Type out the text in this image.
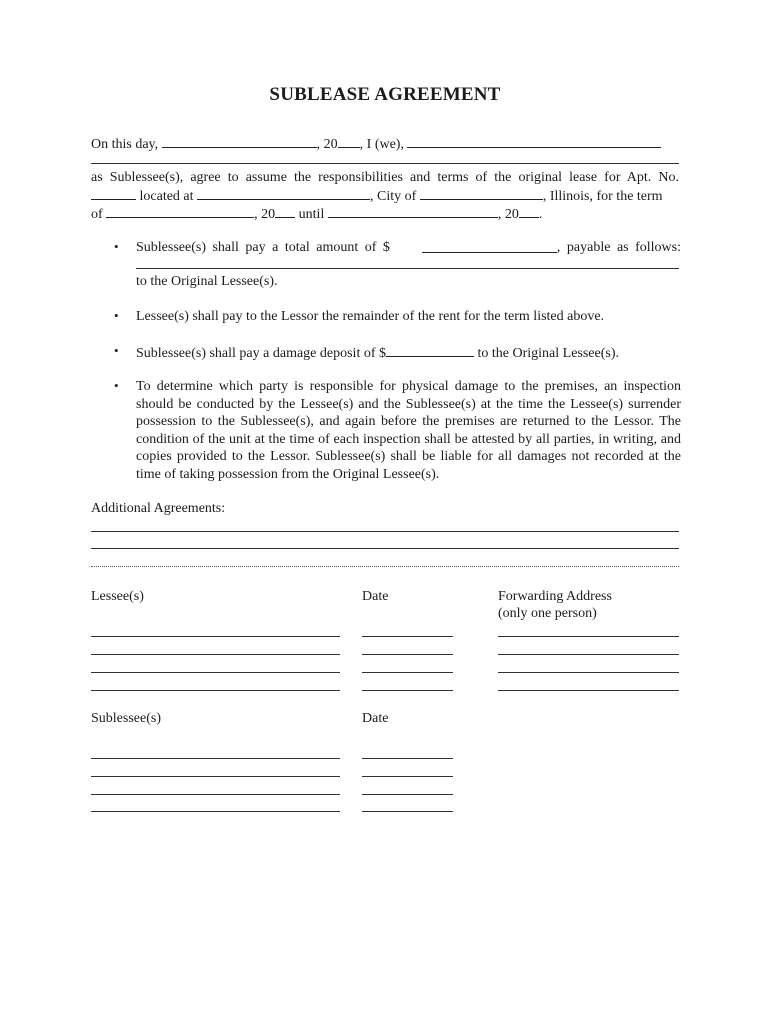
SUBLEASE AGREEMENT
On this day,	, 20 , I (we),
as Sublessee(s), agree to assume the responsibilities and terms of the original lease for Apt. No.
located at	, City of	, Illinois, for the term
of	, 20 until	, 20 .
• Sublessee(s) shall pay a total amount of $	, payable as follows:
to the Original Lessee(s).
• Lessee(s) shall pay to the Lessor the remainder of the rent for the term listed above.
• Sublessee(s) shall pay a damage deposit of $	to the Original Lessee(s).
• To determine which party is responsible for physical damage to the premises, an inspection should be conducted by the Lessee(s) and the Sublessee(s) at the time the Lessee(s) surrender possession to the Sublessee(s), and again before the premises are returned to the Lessor. The condition of the unit at the time of each inspection shall be attested by all parties, in writing, and copies provided to the Lessor. Sublessee(s) shall be liable for all damages not recorded at the time of taking possession from the Original Lessee(s).
Additional Agreements:
Lessee(s)	Date	Forwarding Address
(only one person)
Sublessee(s)	Date
